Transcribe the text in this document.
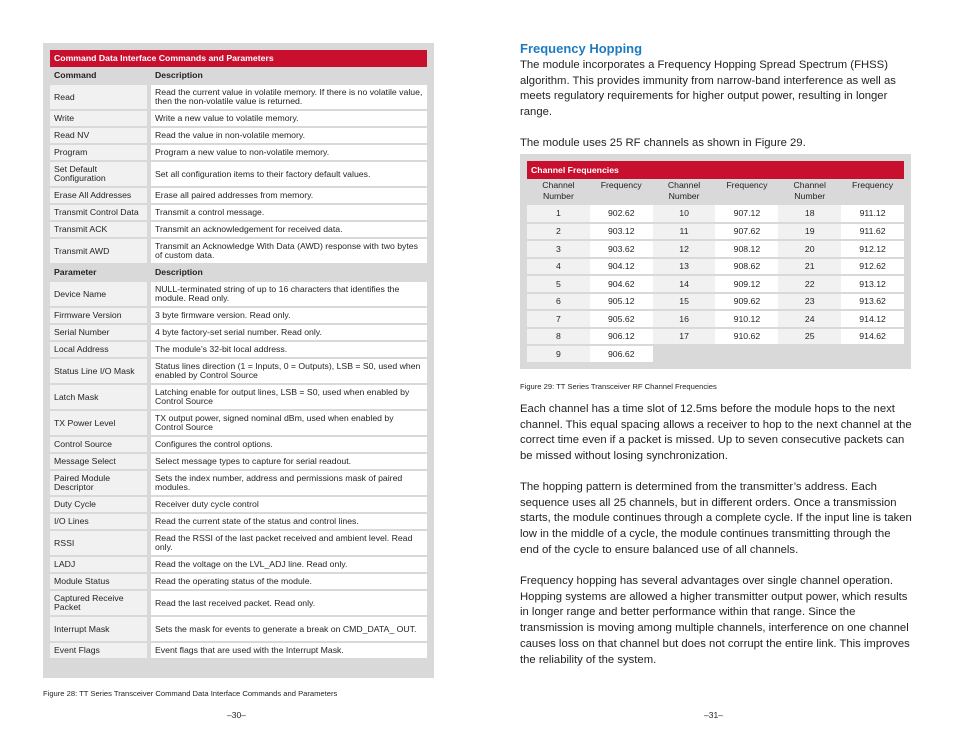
Command Data Interface Commands and Parameters
Command	Description
Read	Read the current value in volatile memory. If there is no volatile value, then the non-volatile value is returned.
Write	Write a new value to volatile memory.
Read NV	Read the value in non-volatile memory.
Program	Program a new value to non-volatile memory.
Set Default Configuration	Set all configuration items to their factory default values.
Erase All Addresses	Erase all paired addresses from memory.
Transmit Control Data	Transmit a control message.
Transmit ACK	Transmit an acknowledgement for received data.
Transmit AWD	Transmit an Acknowledge With Data (AWD) response with two bytes of custom data.
Parameter	Description
Device Name	NULL-terminated string of up to 16 characters that identifies the module. Read only.
Firmware Version	3 byte firmware version. Read only.
Serial Number	4 byte factory-set serial number. Read only.
Local Address	The module’s 32-bit local address.
Status Line I/O Mask	Status lines direction (1 = Inputs, 0 = Outputs), LSB = S0, used when enabled by Control Source
Latch Mask	Latching enable for output lines, LSB = S0, used when enabled by Control Source
TX Power Level	TX output power, signed nominal dBm, used when enabled by Control Source
Control Source	Configures the control options.
Message Select	Select message types to capture for serial readout.
Paired Module Descriptor	Sets the index number, address and permissions mask of paired modules.
Duty Cycle	Receiver duty cycle control
I/O Lines	Read the current state of the status and control lines.
RSSI	Read the RSSI of the last packet received and ambient level. Read only.
LADJ	Read the voltage on the LVL_ADJ line. Read only.
Module Status	Read the operating status of the module.
Captured Receive Packet	Read the last received packet. Read only.
Interrupt Mask	Sets the mask for events to generate a break on CMD_DATA_ OUT.
Event Flags	Event flags that are used with the Interrupt Mask.
Figure 28: TT Series Transceiver Command Data Interface Commands and Parameters
–30–
Frequency Hopping
The module incorporates a Frequency Hopping Spread Spectrum (FHSS) algorithm. This provides immunity from narrow-band interference as well as meets regulatory requirements for higher output power, resulting in longer range.
The module uses 25 RF channels as shown in Figure 29.
Channel Frequencies
Channel Number	Frequency	Channel Number	Frequency	Channel Number	Frequency
1	902.62	10	907.12	18	911.12
2	903.12	11	907.62	19	911.62
3	903.62	12	908.12	20	912.12
4	904.12	13	908.62	21	912.62
5	904.62	14	909.12	22	913.12
6	905.12	15	909.62	23	913.62
7	905.62	16	910.12	24	914.12
8	906.12	17	910.62	25	914.62
9	906.62				
Figure 29: TT Series Transceiver RF Channel Frequencies
Each channel has a time slot of 12.5ms before the module hops to the next channel. This equal spacing allows a receiver to hop to the next channel at the correct time even if a packet is missed. Up to seven consecutive packets can be missed without losing synchronization.
The hopping pattern is determined from the transmitter’s address. Each sequence uses all 25 channels, but in different orders. Once a transmission starts, the module continues through a complete cycle. If the input line is taken low in the middle of a cycle, the module continues transmitting through the end of the cycle to ensure balanced use of all channels.
Frequency hopping has several advantages over single channel operation. Hopping systems are allowed a higher transmitter output power, which results in longer range and better performance within that range. Since the transmission is moving among multiple channels, interference on one channel causes loss on that channel but does not corrupt the entire link. This improves the reliability of the system.
–31–
